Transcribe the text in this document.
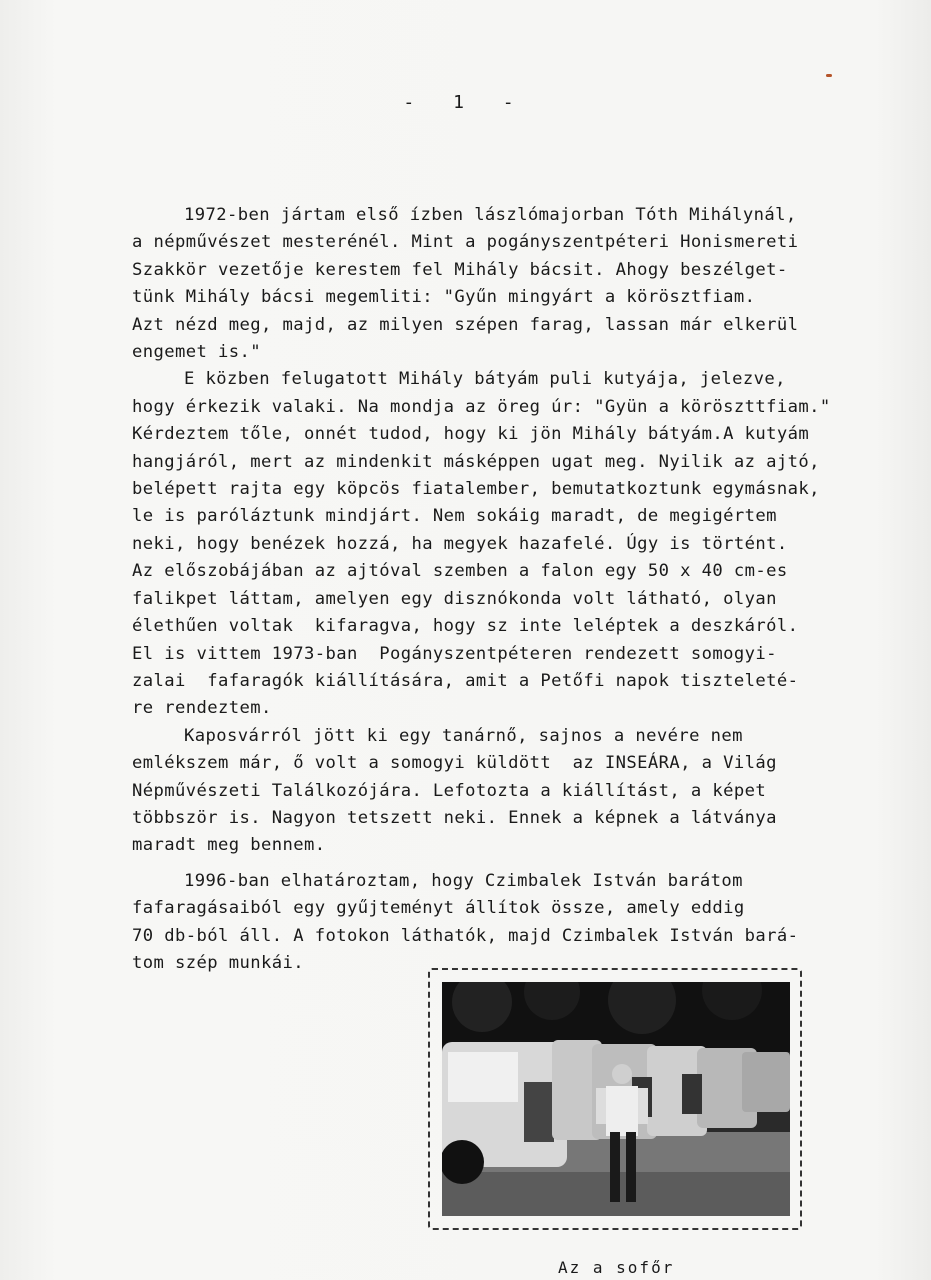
- 1 -
1972-ben jártam első ízben lászlómajorban Tóth Mihálynál,
a népművészet mesterénél. Mint a pogányszentpéteri Honismereti
Szakkör vezetője kerestem fel Mihály bácsit. Ahogy beszélget-
tünk Mihály bácsi megemliti: "Gyűn mingyárt a körösztfiam.
Azt nézd meg, majd, az milyen szépen farag, lassan már elkerül
engemet is."
E közben felugatott Mihály bátyám puli kutyája, jelezve,
hogy érkezik valaki. Na mondja az öreg úr: "Gyün a köröszttfiam."
Kérdeztem tőle, onnét tudod, hogy ki jön Mihály bátyám.A kutyám
hangjáról, mert az mindenkit másképpen ugat meg. Nyilik az ajtó,
belépett rajta egy köpcös fiatalember, bemutatkoztunk egymásnak,
le is paróláztunk mindjárt. Nem sokáig maradt, de megigértem
neki, hogy benézek hozzá, ha megyek hazafelé. Úgy is történt.
Az előszobájában az ajtóval szemben a falon egy 50 x 40 cm-es
falikpet láttam, amelyen egy disznókonda volt látható, olyan
élethűen voltak  kifaragva, hogy sz inte leléptek a deszkáról.
El is vittem 1973-ban  Pogányszentpéteren rendezett somogyi-
zalai  fafaragók kiállítására, amit a Petőfi napok tiszteleté-
re rendeztem.
Kaposvárról jött ki egy tanárnő, sajnos a nevére nem
emlékszem már, ő volt a somogyi küldött  az INSEÁRA, a Világ
Népművészeti Találkozójára. Lefotozta a kiállítást, a képet
többször is. Nagyon tetszett neki. Ennek a képnek a látványa
maradt meg bennem.
1996-ban elhatároztam, hogy Czimbalek István barátom
fafaragásaiból egy gyűjteményt állítok össze, amely eddig
70 db-ból áll. A fotokon láthatók, majd Czimbalek István bará-
tom szép munkái.
Az a sofőr
